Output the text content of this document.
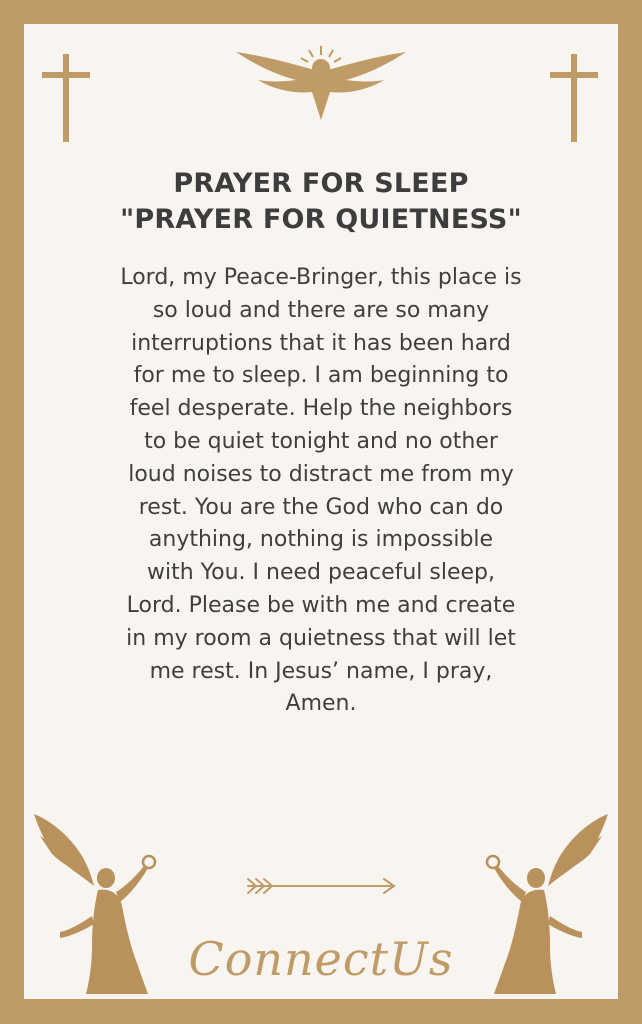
PRAYER FOR SLEEP
"PRAYER FOR QUIETNESS"
Lord, my Peace-Bringer, this place is
so loud and there are so many
interruptions that it has been hard
for me to sleep. I am beginning to
feel desperate. Help the neighbors
to be quiet tonight and no other
loud noises to distract me from my
rest. You are the God who can do
anything, nothing is impossible
with You. I need peaceful sleep,
Lord. Please be with me and create
in my room a quietness that will let
me rest. In Jesus’ name, I pray,
Amen.
ConnectUs
